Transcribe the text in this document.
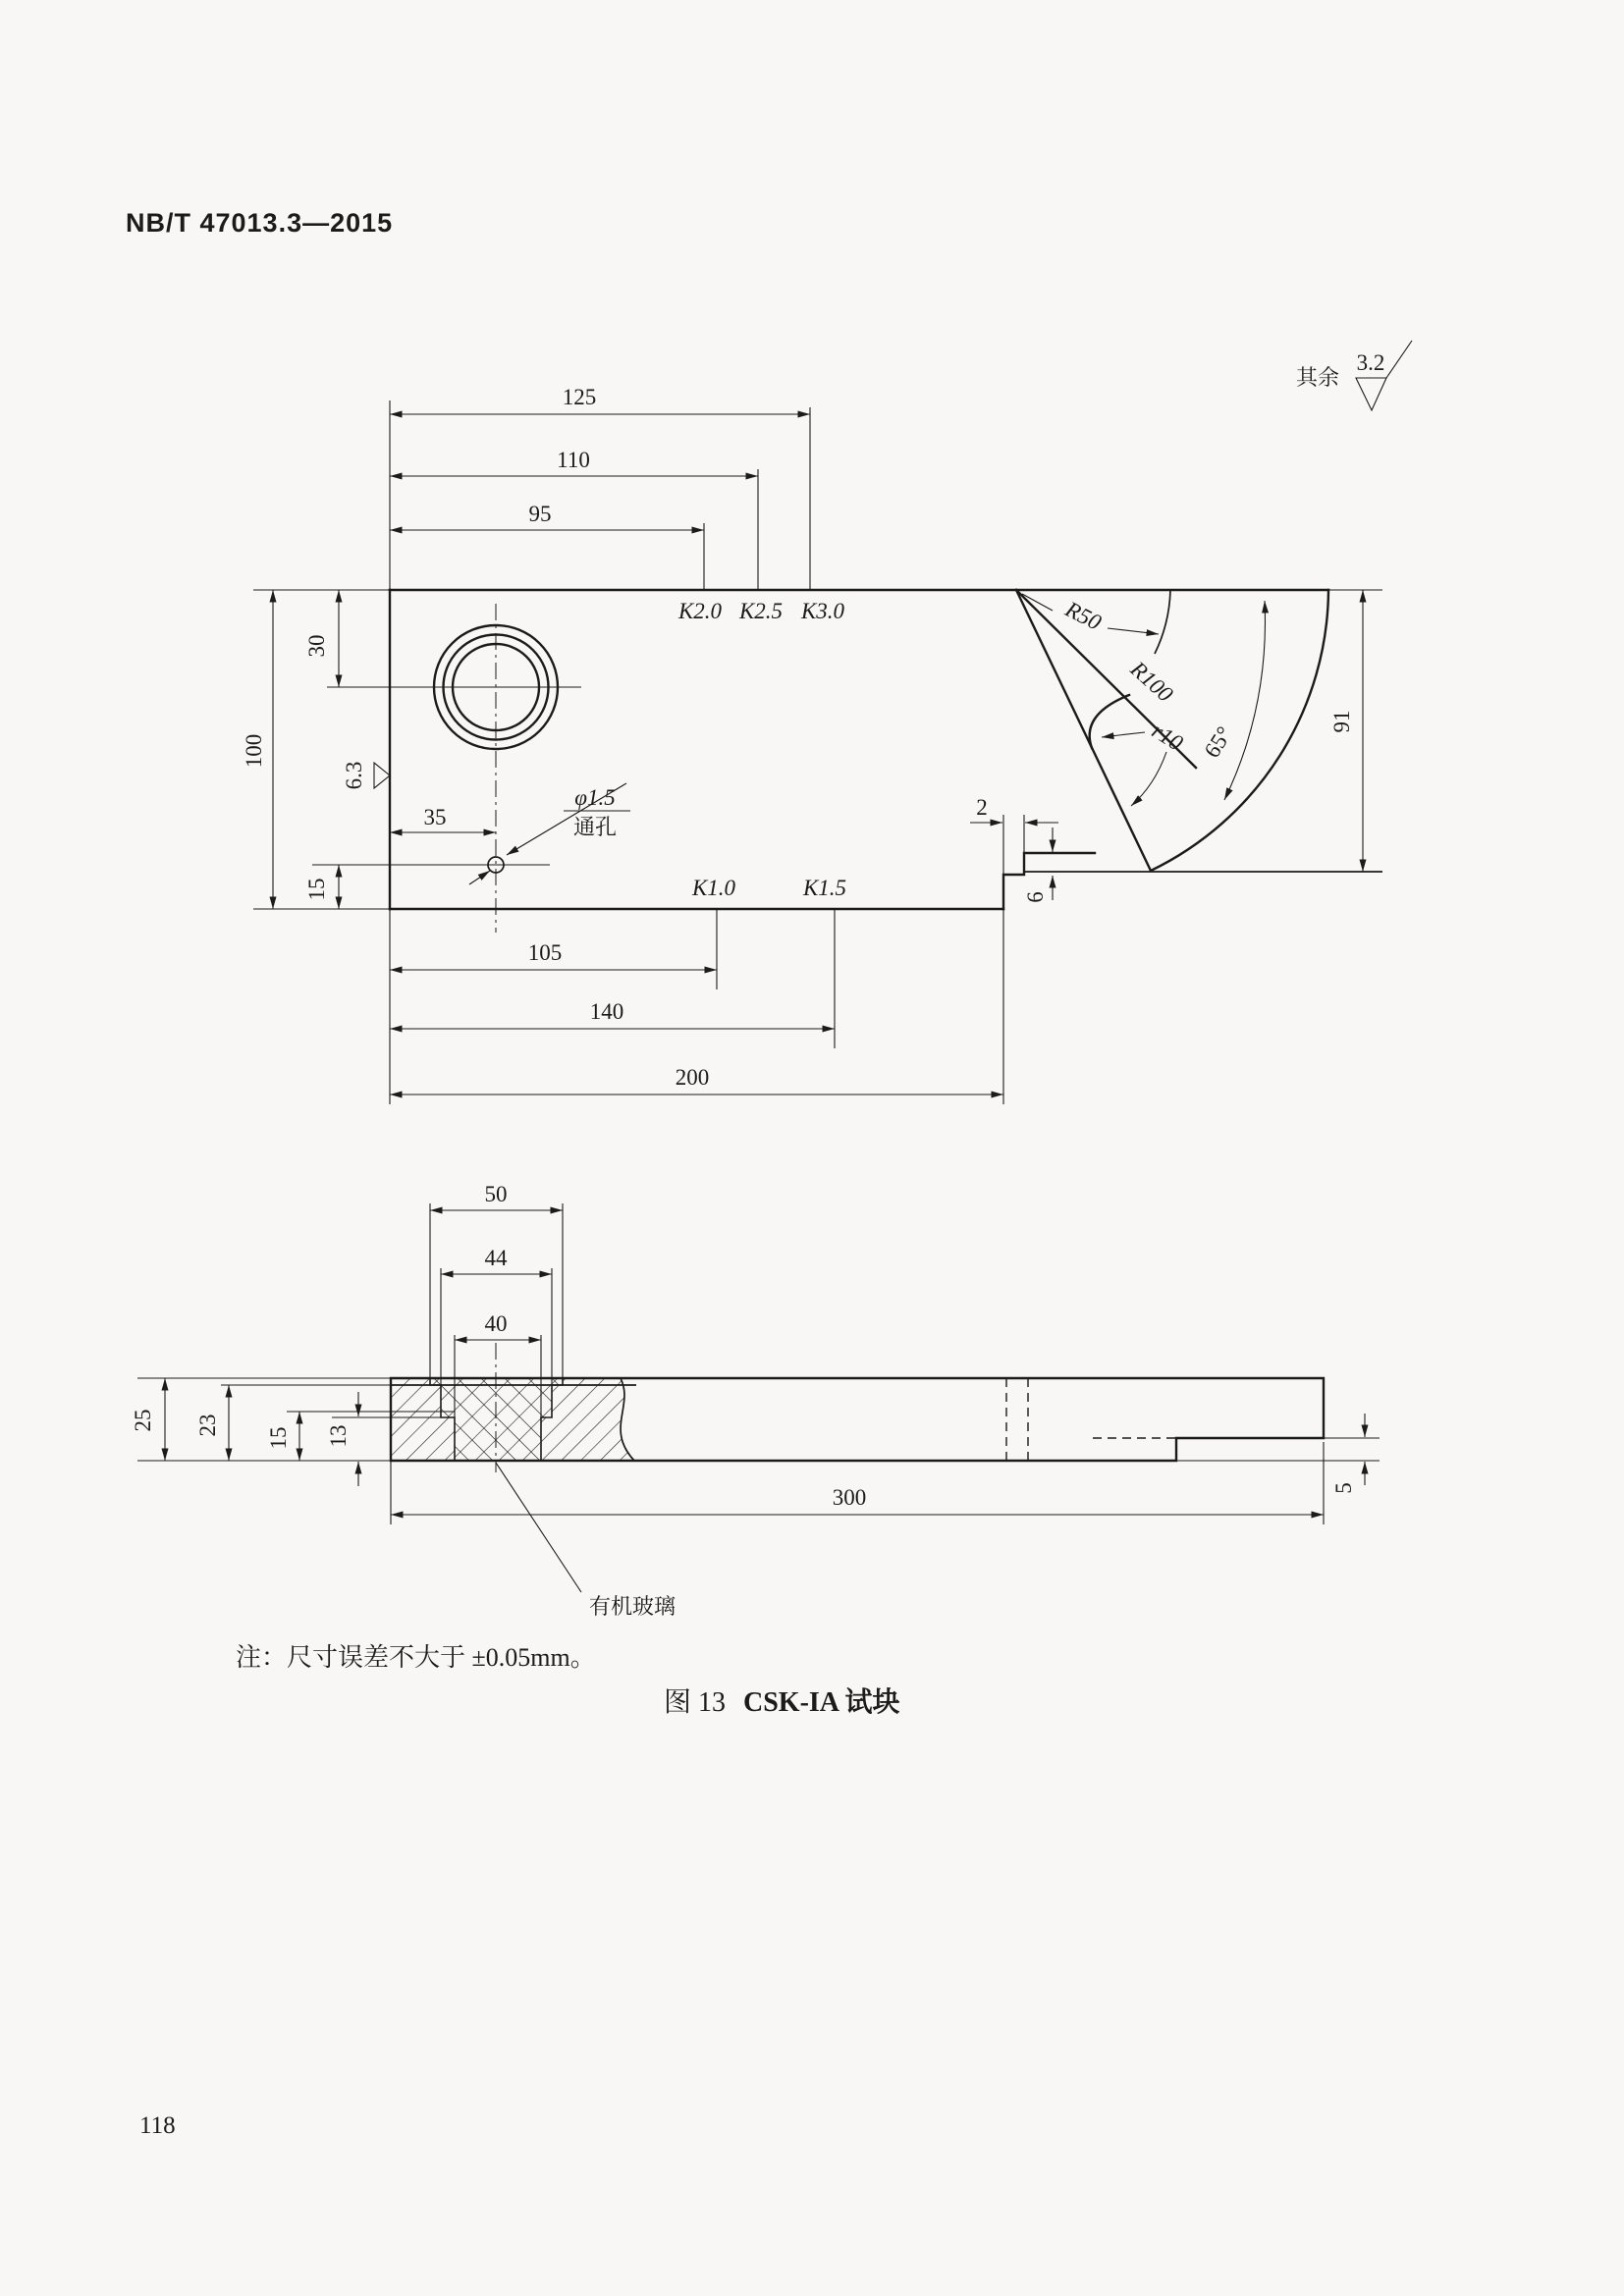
NB/T 47013.3—2015
其余
3.2
125
110
95
K2.0 K2.5 K3.0
100
30
15
6.3
35
φ1.5
通孔
K1.0	K1.5
105
140
200
91
2
6
R50
R100
r10 65°
50
44
40
25 23
15 13
300	5
有机玻璃
注：尺寸误差不大于 ±0.05mm。
图 13 CSK-IA 试块
118
